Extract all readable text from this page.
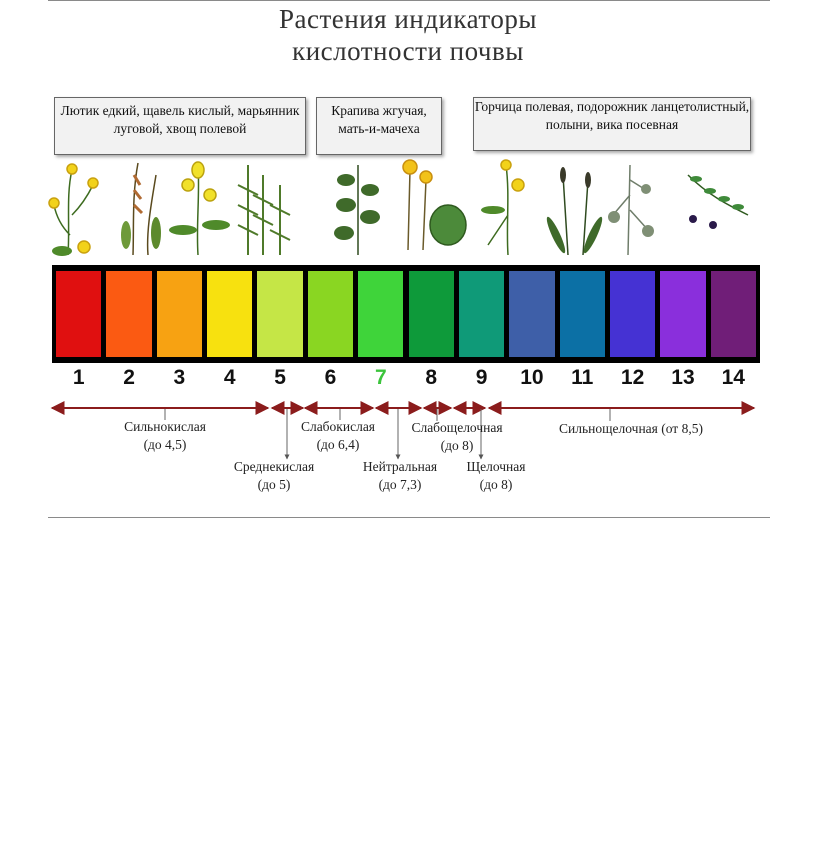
Растения индикаторы
кислотности почвы
Лютик едкий, щавель кислый, марьянник луговой, хвощ полевой
Крапива жгучая, мать-и-мачеха
Горчица полевая, подорожник ланцетолистный, полыни, вика посевная
Сильнокислая
(до 4,5)
Среднекислая
(до 5)
Слабокислая
(до 6,4)
Нейтральная
(до 7,3)
Слабощелочная
(до 8)
Щелочная
(до 8)
Сильнощелочная (от 8,5)
1	2	3	4	5	6	7	8	9	10	11	12	13	14
